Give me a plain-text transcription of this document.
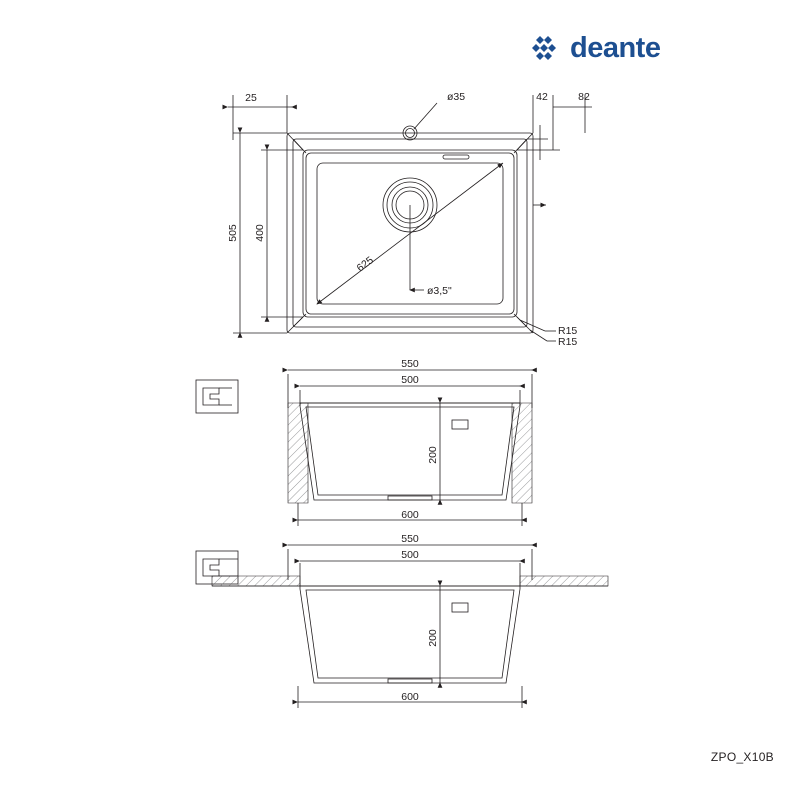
deante
25	ø35	42	82
505 400
625
ø3,5"
R15
R15
550
500
200
600
550
500
200
600
ZPO_X10B
